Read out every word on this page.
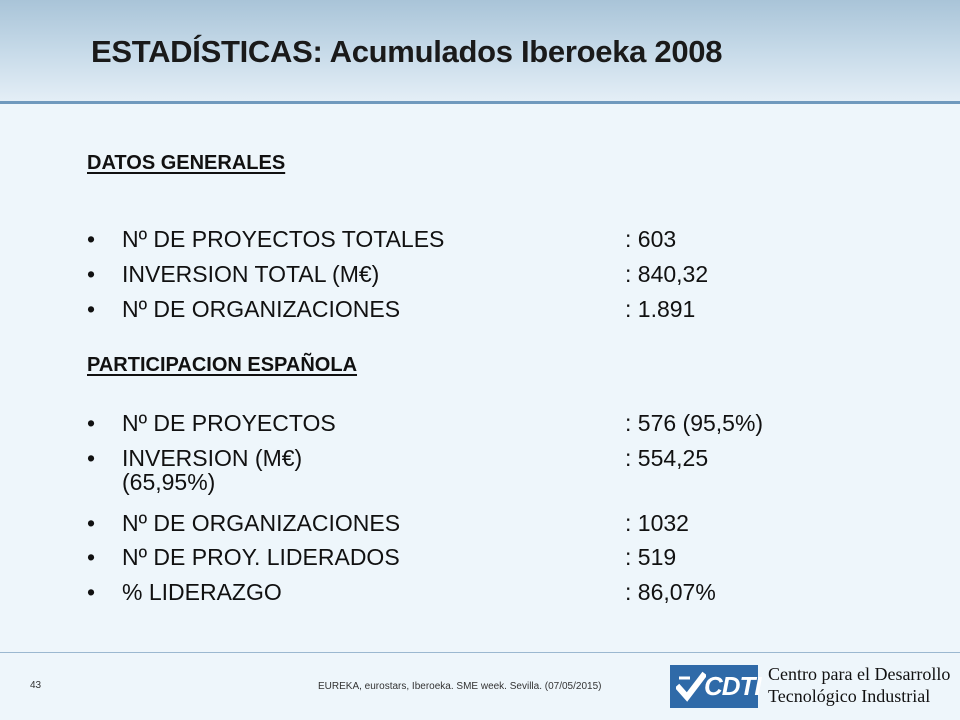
ESTADÍSTICAS: Acumulados Iberoeka 2008
DATOS GENERALES
• Nº DE PROYECTOS TOTALES	: 603
• INVERSION TOTAL (M€)	: 840,32
• Nº DE ORGANIZACIONES	: 1.891
PARTICIPACION ESPAÑOLA
• Nº DE PROYECTOS	: 576 (95,5%)
• INVERSION (M€)	: 554,25
(65,95%)
• Nº DE ORGANIZACIONES	: 1032
• Nº DE PROY. LIDERADOS	: 519
• % LIDERAZGO	: 86,07%
43	EUREKA, eurostars, Iberoeka. SME week. Sevilla. (07/05/2015)	CDTI Centro para el Desarrollo
Tecnológico Industrial
